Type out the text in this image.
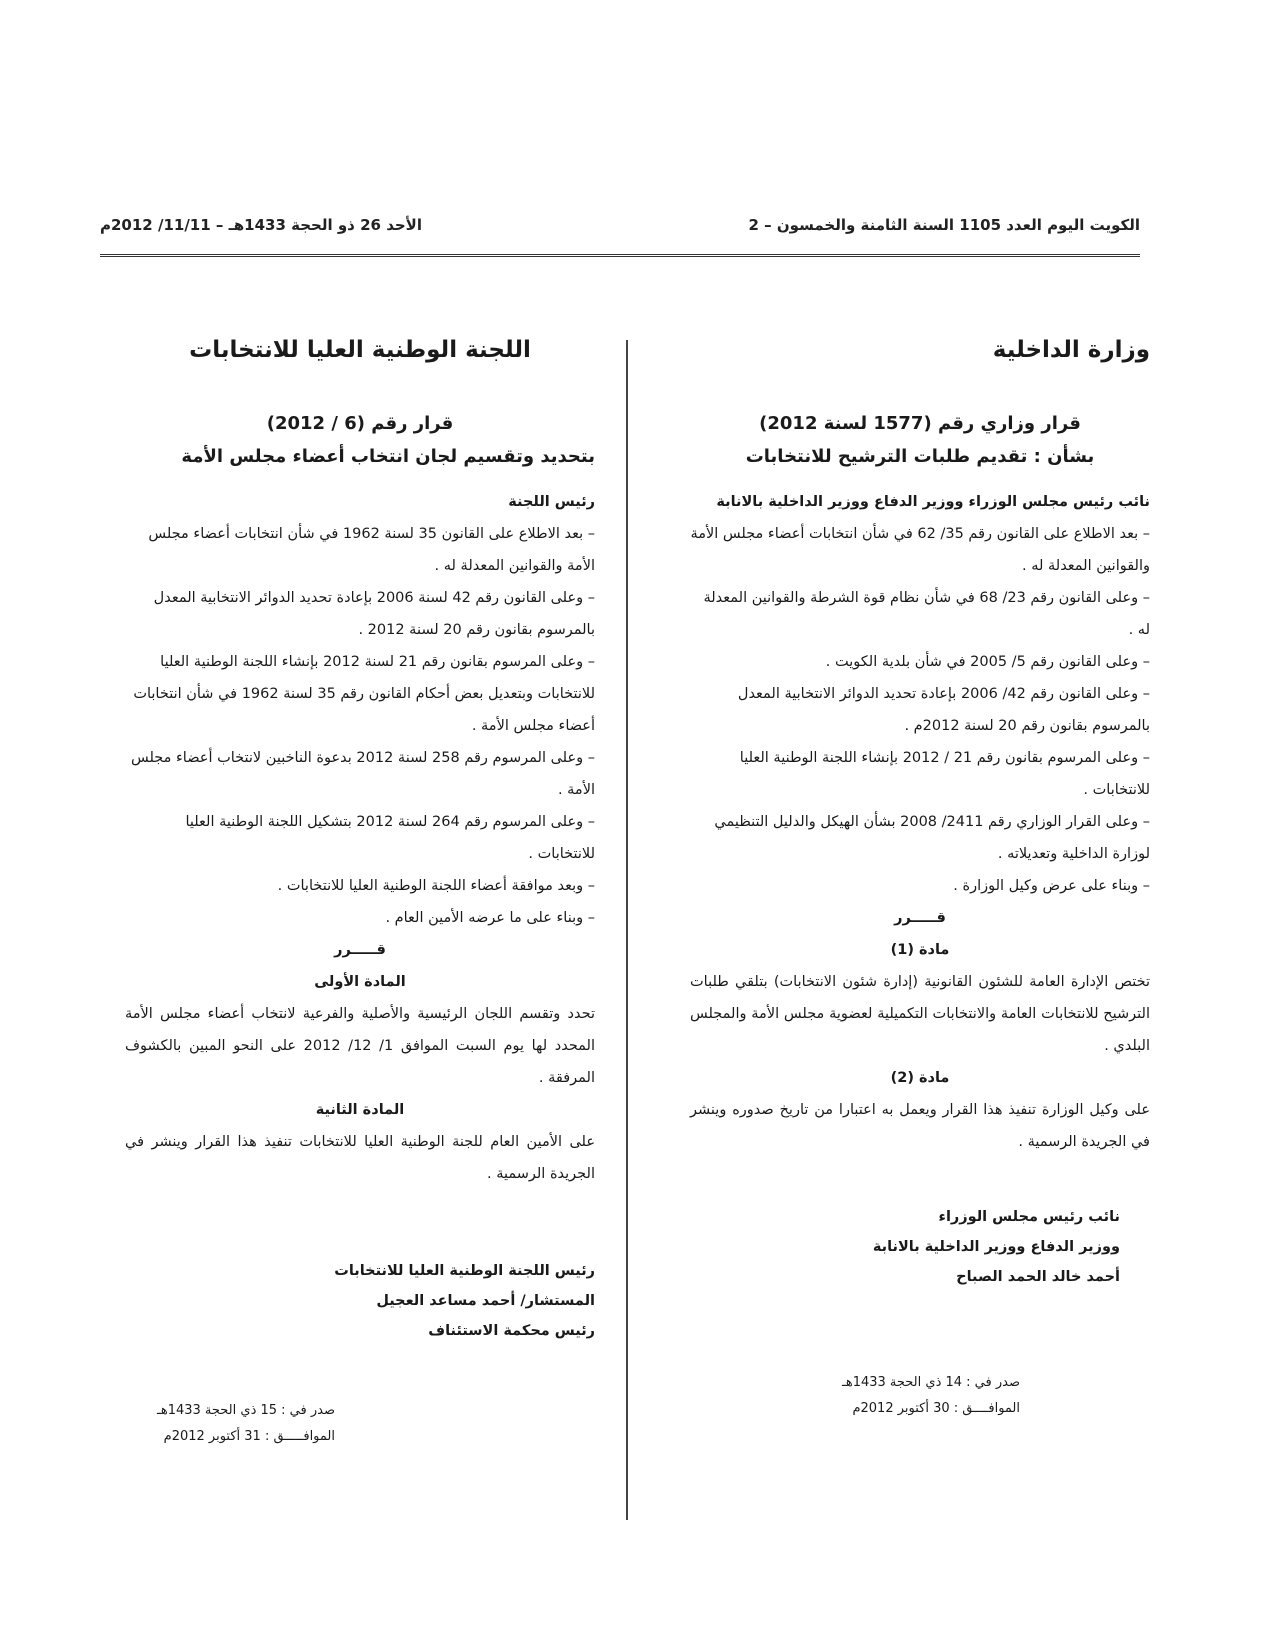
الكويت اليوم العدد 1105 السنة الثامنة والخمسون – 2
الأحد 26 ذو الحجة 1433هـ – 11/11/ 2012م

وزارة الداخلية

قرار وزاري رقم (1577 لسنة 2012)

بشأن : تقديم طلبات الترشيح للانتخابات

نائب رئيس مجلس الوزراء ووزير الدفاع ووزير الداخلية بالانابة

– بعد الاطلاع على القانون رقم 35/ 62 في شأن انتخابات أعضاء مجلس الأمة والقوانين المعدلة له .

– وعلى القانون رقم 23/ 68 في شأن نظام قوة الشرطة والقوانين المعدلة له .

– وعلى القانون رقم 5/ 2005 في شأن بلدية الكويت .

– وعلى القانون رقم 42/ 2006 بإعادة تحديد الدوائر الانتخابية المعدل بالمرسوم بقانون رقم 20 لسنة 2012م .

– وعلى المرسوم بقانون رقم 21 / 2012 بإنشاء اللجنة الوطنية العليا للانتخابات .

– وعلى القرار الوزاري رقم 2411/ 2008 بشأن الهيكل والدليل التنظيمي لوزارة الداخلية وتعديلاته .

– وبناء على عرض وكيل الوزارة .

قـــــرر

مادة (1)

تختص الإدارة العامة للشئون القانونية (إدارة شئون الانتخابات) بتلقي طلبات الترشيح للانتخابات العامة والانتخابات التكميلية لعضوية مجلس الأمة والمجلس البلدي .

مادة (2)

على وكيل الوزارة تنفيذ هذا القرار ويعمل به اعتبارا من تاريخ صدوره وينشر في الجريدة الرسمية .

نائب رئيس مجلس الوزراء

ووزير الدفاع ووزير الداخلية بالانابة

أحمد خالد الحمد الصباح

صدر في : 14 ذي الحجة 1433هـ

الموافــــق : 30 أكتوبر 2012م

اللجنة الوطنية العليا للانتخابات

قرار رقم (6 / 2012)

بتحديد وتقسيم لجان انتخاب أعضاء مجلس الأمة

رئيس اللجنة

– بعد الاطلاع على القانون 35 لسنة 1962 في شأن انتخابات أعضاء مجلس الأمة والقوانين المعدلة له .

– وعلى القانون رقم 42 لسنة 2006 بإعادة تحديد الدوائر الانتخابية المعدل بالمرسوم بقانون رقم 20 لسنة 2012 .

– وعلى المرسوم بقانون رقم 21 لسنة 2012 بإنشاء اللجنة الوطنية العليا للانتخابات وبتعديل بعض أحكام القانون رقم 35 لسنة 1962 في شأن انتخابات أعضاء مجلس الأمة .

– وعلى المرسوم رقم 258 لسنة 2012 بدعوة الناخبين لانتخاب أعضاء مجلس الأمة .

– وعلى المرسوم رقم 264 لسنة 2012 بتشكيل اللجنة الوطنية العليا للانتخابات .

– وبعد موافقة أعضاء اللجنة الوطنية العليا للانتخابات .

– وبناء على ما عرضه الأمين العام .

قـــــرر

المادة الأولى

تحدد وتقسم اللجان الرئيسية والأصلية والفرعية لانتخاب أعضاء مجلس الأمة المحدد لها يوم السبت الموافق 1/ 12/ 2012 على النحو المبين بالكشوف المرفقة .

المادة الثانية

على الأمين العام للجنة الوطنية العليا للانتخابات تنفيذ هذا القرار وينشر في الجريدة الرسمية .

رئيس اللجنة الوطنية العليا للانتخابات

المستشار/ أحمد مساعد العجيل

رئيس محكمة الاستئناف

صدر في : 15 ذي الحجة 1433هـ

الموافـــــق : 31 أكتوبر 2012م
